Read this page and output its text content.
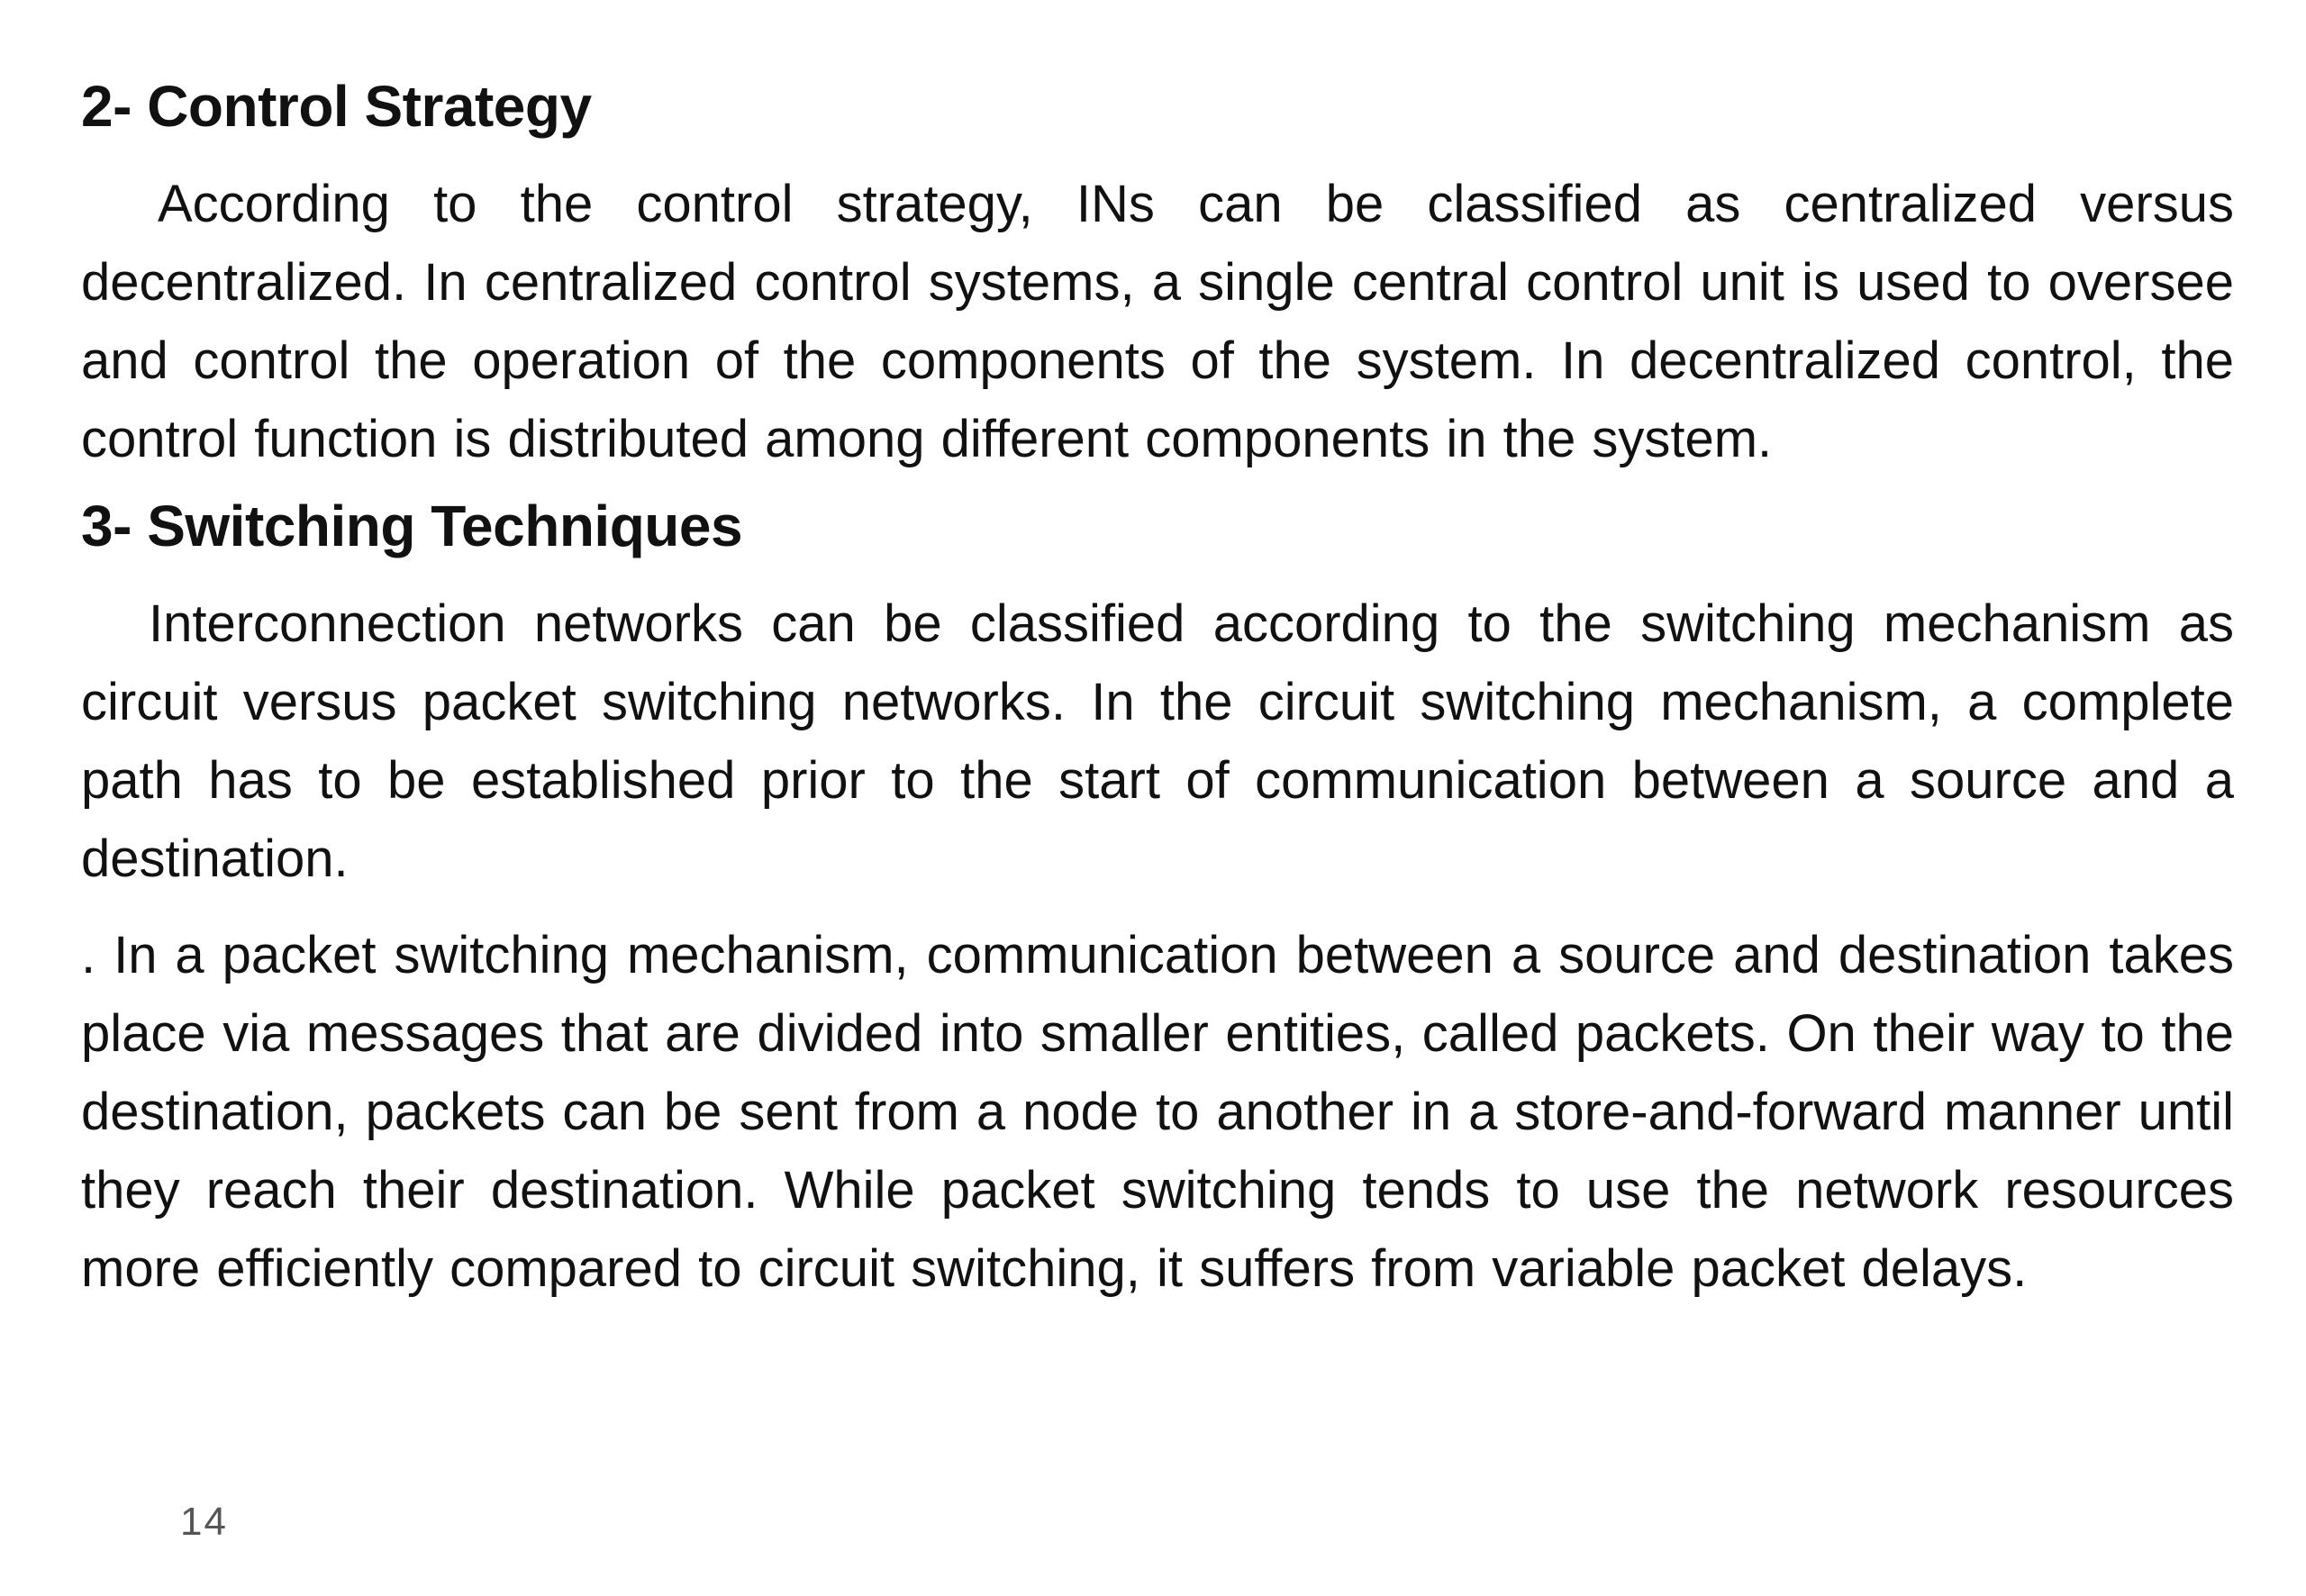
2- Control Strategy

According to the control strategy, INs can be classified as centralized versus decentralized. In centralized control systems, a single central control unit is used to oversee and control the operation of the components of the system. In decentralized control, the control function is distributed among different components in the system.

3- Switching Techniques

Interconnection networks can be classified according to the switching mechanism as circuit versus packet switching networks. In the circuit switching mechanism, a complete path has to be established prior to the start of communication between a source and a destination.

. In a packet switching mechanism, communication between a source and destination takes place via messages that are divided into smaller entities, called packets. On their way to the destination, packets can be sent from a node to another in a store-and-forward manner until they reach their destination. While packet switching tends to use the network resources more efficiently compared to circuit switching, it suffers from variable packet delays.

14
